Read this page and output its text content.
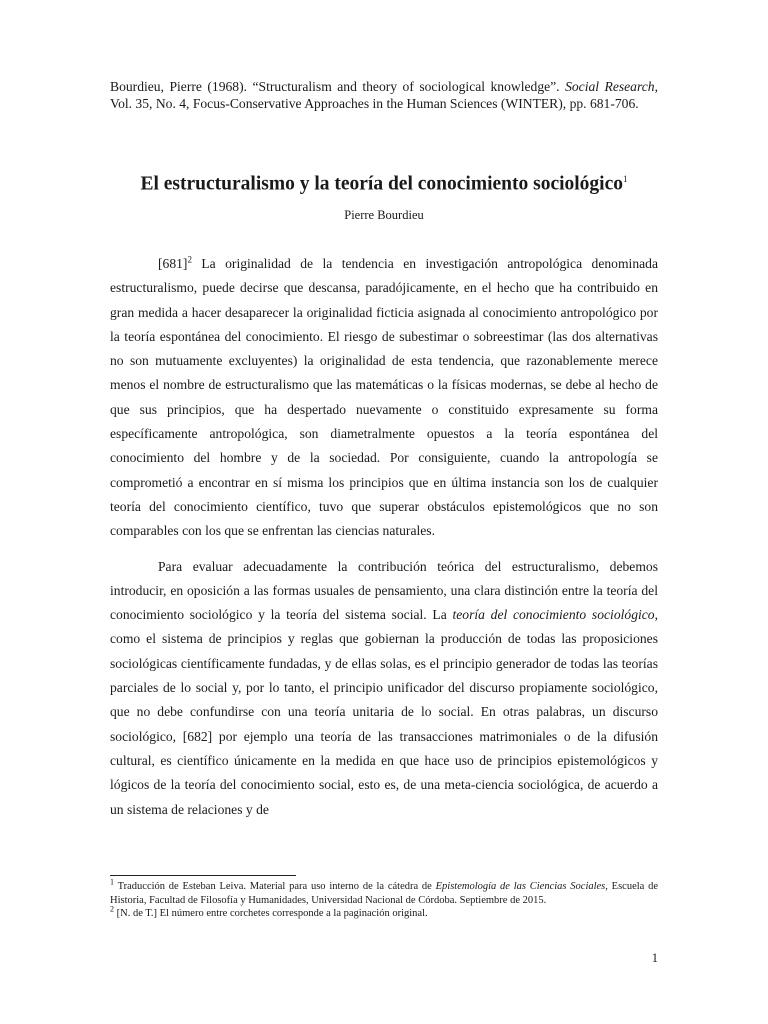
Bourdieu, Pierre (1968). “Structuralism and theory of sociological knowledge”. Social Research, Vol. 35, No. 4, Focus-Conservative Approaches in the Human Sciences (WINTER), pp. 681-706.
El estructuralismo y la teoría del conocimiento sociológico$^1$
Pierre Bourdieu

$[681]^2$ La originalidad de la tendencia en investigación antropológica denominada estructuralismo, puede decirse que descansa, paradójicamente, en el hecho que ha contribuido en gran medida a hacer desaparecer la originalidad ficticia asignada al conocimiento antropológico por la teoría espontánea del conocimiento. El riesgo de subestimar o sobreestimar (las dos alternativas no son mutuamente excluyentes) la originalidad de esta tendencia, que razonablemente merece menos el nombre de estructuralismo que las matemáticas o la físicas modernas, se debe al hecho de que sus principios, que ha despertado nuevamente o constituido expresamente su forma específicamente antropológica, son diametralmente opuestos a la teoría espontánea del conocimiento del hombre y de la sociedad. Por consiguiente, cuando la antropología se comprometió a encontrar en sí misma los principios que en última instancia son los de cualquier teoría del conocimiento científico, tuvo que superar obstáculos epistemológicos que no son comparables con los que se enfrentan las ciencias naturales.

Para evaluar adecuadamente la contribución teórica del estructuralismo, debemos introducir, en oposición a las formas usuales de pensamiento, una clara distinción entre la teoría del conocimiento sociológico y la teoría del sistema social. La teoría del conocimiento sociológico, como el sistema de principios y reglas que gobiernan la producción de todas las proposiciones sociológicas científicamente fundadas, y de ellas solas, es el principio generador de todas las teorías parciales de lo social y, por lo tanto, el principio unificador del discurso propiamente sociológico, que no debe confundirse con una teoría unitaria de lo social. En otras palabras, un discurso sociológico, [682] por ejemplo una teoría de las transacciones matrimoniales o de la difusión cultural, es científico únicamente en la medida en que hace uso de principios epistemológicos y lógicos de la teoría del conocimiento social, esto es, de una meta-ciencia sociológica, de acuerdo a un sistema de relaciones y de

$^1$ Traducción de Esteban Leiva. Material para uso interno de la cátedra de Epistemología de las Ciencias Sociales, Escuela de Historia, Facultad de Filosofía y Humanidades, Universidad Nacional de Córdoba. Septiembre de 2015.

$^2$ [N. de T.] El número entre corchetes corresponde a la paginación original.

1
